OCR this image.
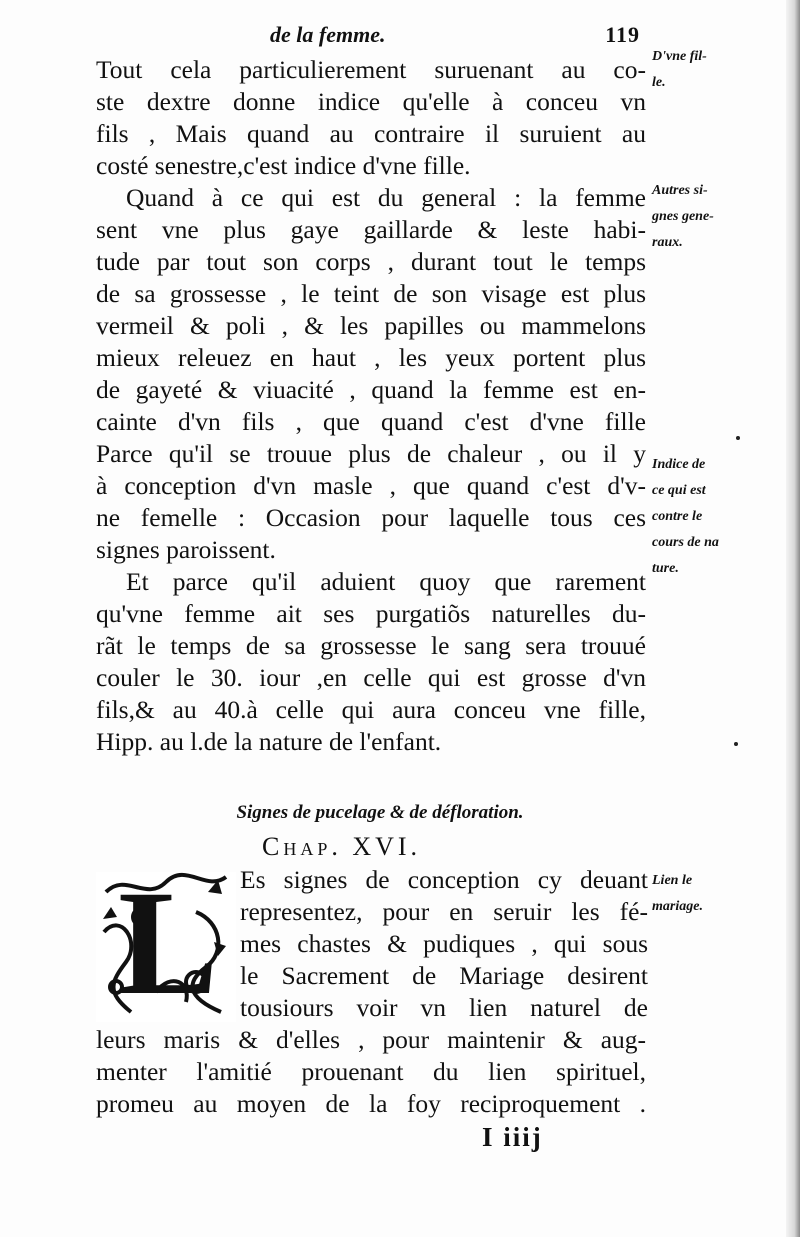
de la femme.	119
Tout cela particulierement suruenant au co-
ste dextre donne indice qu'elle à conceu vn
fils , Mais quand au contraire il suruient au
costé senestre,c'est indice d'vne fille.
Quand à ce qui est du general : la femme
sent vne plus gaye gaillarde & leste habi-
tude par tout son corps , durant tout le temps
de sa grossesse , le teint de son visage est plus
vermeil & poli , & les papilles ou mammelons
mieux releuez en haut , les yeux portent plus
de gayeté & viuacité , quand la femme est en-
cainte d'vn fils , que quand c'est d'vne fille
Parce qu'il se trouue plus de chaleur , ou il y
à conception d'vn masle , que quand c'est d'v-
ne femelle : Occasion pour laquelle tous ces
signes paroissent.
Et parce qu'il aduient quoy que rarement
qu'vne femme ait ses purgatiõs naturelles du-
rãt le temps de sa grossesse le sang sera trouué
couler le 30. iour ,en celle qui est grosse d'vn
fils,& au 40.à celle qui aura conceu vne fille,
Hipp. au l.de la nature de l'enfant.
Signes de pucelage & de défloration.
Chap. XVI.
L Es signes de conception cy deuant
representez, pour en seruir les fé-
mes chastes & pudiques , qui sous
le Sacrement de Mariage desirent
tousiours voir vn lien naturel de
leurs maris & d'elles , pour maintenir & aug-
menter l'amitié prouenant du lien spirituel,
promeu au moyen de la foy reciproquement .
I iiij
D'vne fil-
le.
Autres si-
gnes gene-
raux.
Indice de
ce qui est
contre le
cours de na
ture.
Lien le
mariage.
